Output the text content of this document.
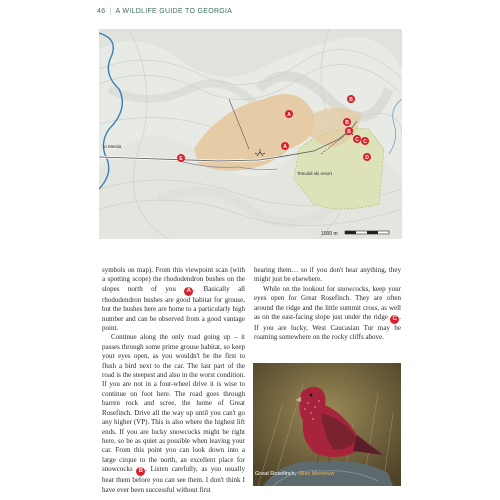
46 | A WILDLIFE GUIDE TO GEORGIA
A
A
B
B
B
C C
D
E
to Mestia
Tetnuldi ski resort
1000 m

symbols on map). From this viewpoint scan (with a spotting scope) the rhododendron bushes on the slopes north of you A . Basically all rhododendron bushes are good habitat for grouse, but the bushes here are home to a particularly high number and can be observed from a good vantage point.

Continue along the only road going up – it passes through some prime grouse habitat, so keep your eyes open, as you wouldn't be the first to flush a bird next to the car. The last part of the road is the steepest and also in the worst condition. If you are not in a four-wheel drive it is wise to continue on foot here. The road goes through barren rock and scree, the home of Great Rosefinch. Drive all the way up until you can't go any higher (VP). This is also where the highest lift ends. If you are lucky snowcocks might be right here, so be as quiet as possible when leaving your car. From this point you can look down into a large cirque to the north, an excellent place for snowcocks B . Listen carefully, as you usually hear them before you can see them. I don't think I have ever been successful without first

hearing them… so if you don't hear anything, they might just be elsewhere.

While on the lookout for snowcocks, keep your eyes open for Great Rosefinch. They are often around the ridge and the little summit cross, as well as on the east-facing slope just under the ridge C . If you are lucky, West Caucasian Tur may be roaming somewhere on the rocky cliffs above.

Great Rosefinch, Silas Moreeuw
